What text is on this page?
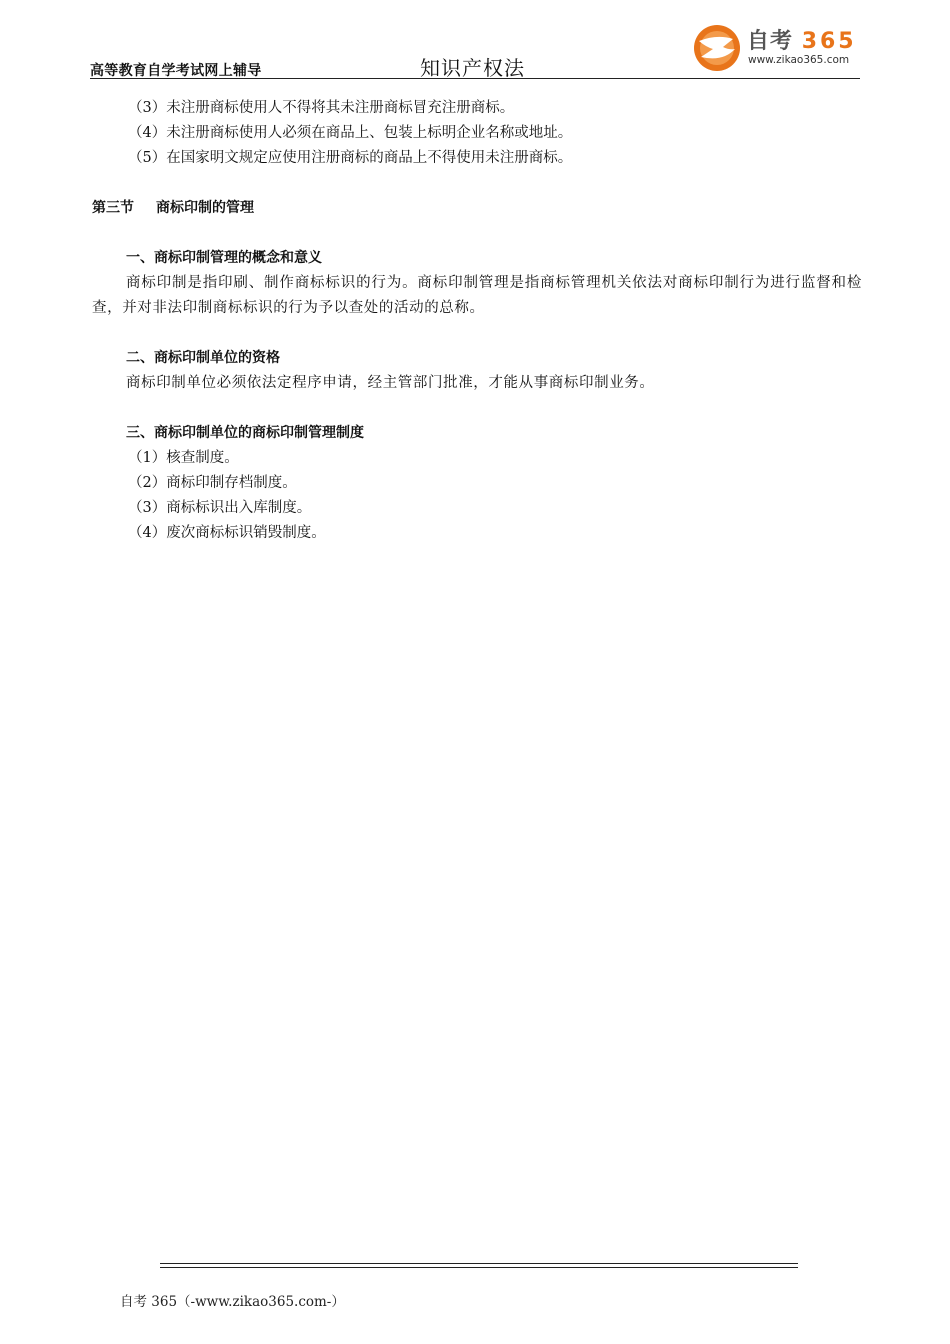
高等教育自学考试网上辅导	知识产权法
自考 365
www.zikao365.com
（3）未注册商标使用人不得将其未注册商标冒充注册商标。
（4）未注册商标使用人必须在商品上、包装上标明企业名称或地址。
（5）在国家明文规定应使用注册商标的商品上不得使用未注册商标。
第三节 商标印制的管理
一、商标印制管理的概念和意义
商标印制是指印刷、制作商标标识的行为。商标印制管理是指商标管理机关依法对商标印制行为进行监督和检查，并对非法印制商标标识的行为予以查处的活动的总称。
二、商标印制单位的资格
商标印制单位必须依法定程序申请，经主管部门批准，才能从事商标印制业务。
三、商标印制单位的商标印制管理制度
（1）核查制度。
（2）商标印制存档制度。
（3）商标标识出入库制度。
（4）废次商标标识销毁制度。
自考 365（-www.zikao365.com-）
